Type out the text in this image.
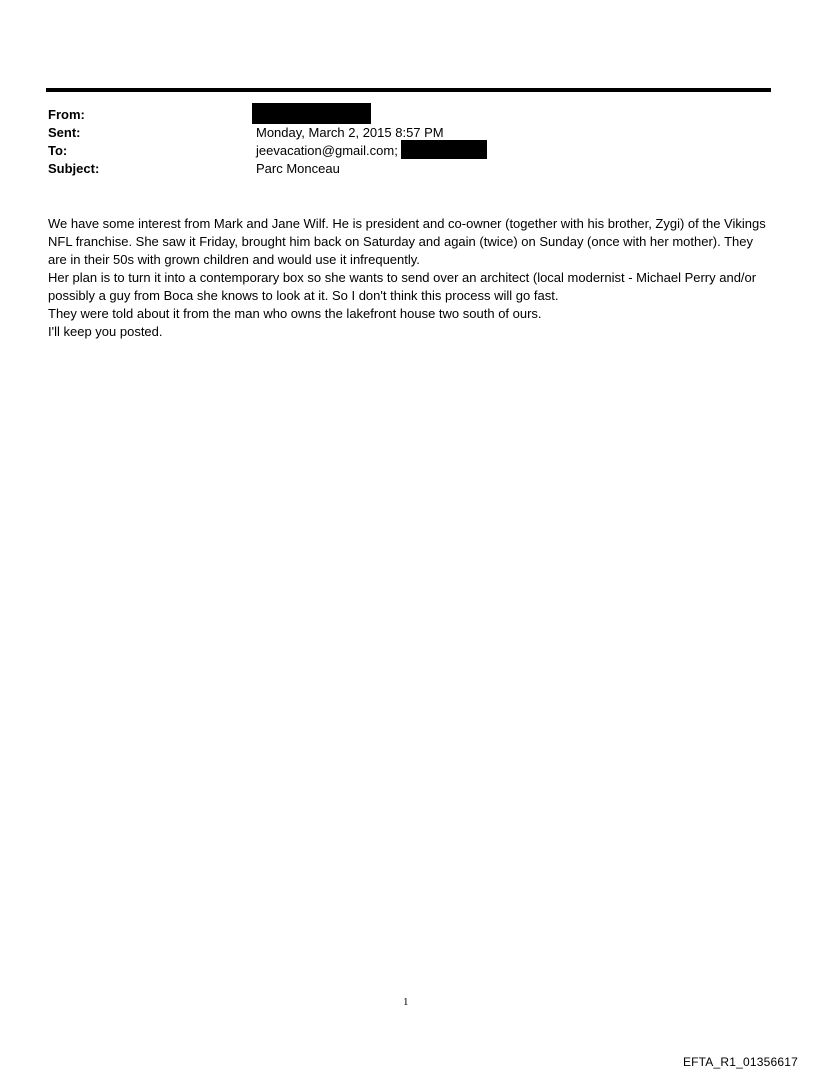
From:
Sent:	Monday, March 2, 2015 8:57 PM
To:	jeevacation@gmail.com;
Subject:	Parc Monceau

We have some interest from Mark and Jane Wilf. He is president and co-owner (together with his brother, Zygi) of the Vikings NFL franchise. She saw it Friday, brought him back on Saturday and again (twice) on Sunday (once with her mother). They are in their 50s with grown children and would use it infrequently.

Her plan is to turn it into a contemporary box so she wants to send over an architect (local modernist - Michael Perry and/or possibly a guy from Boca she knows to look at it. So I don't think this process will go fast.

They were told about it from the man who owns the lakefront house two south of ours.

I'll keep you posted.

1
EFTA_R1_01356617
